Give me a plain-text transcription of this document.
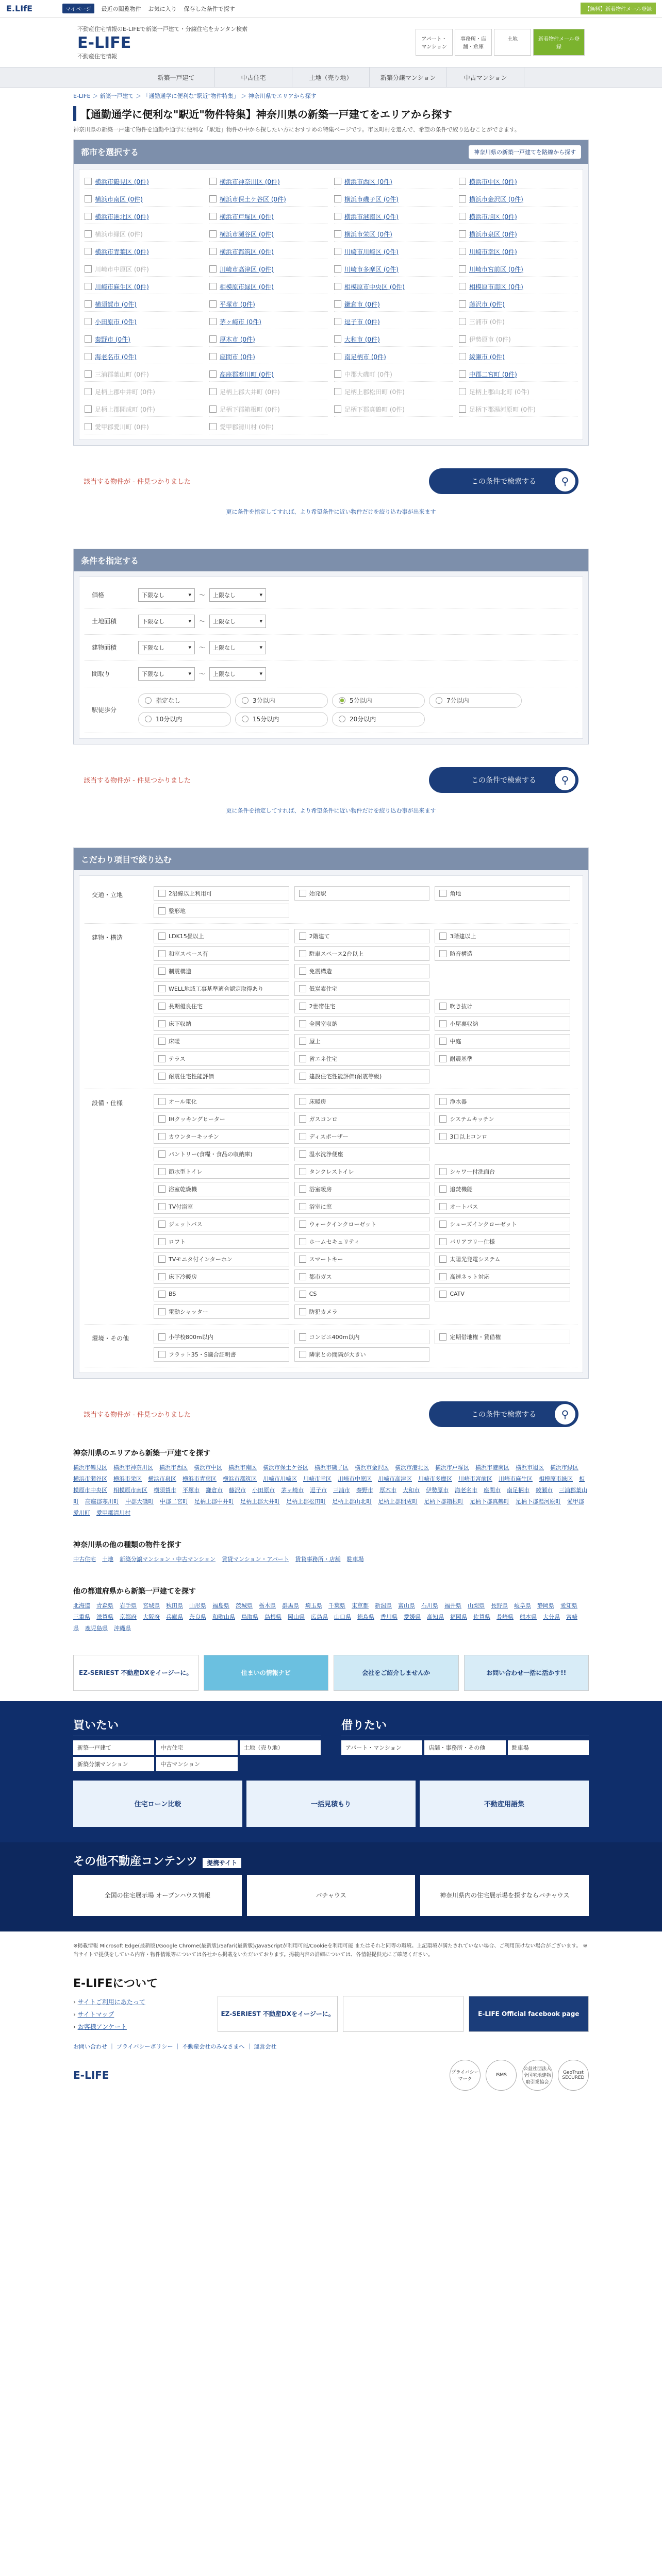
E.LIfE	マイページ	最近の閲覧物件 お気に入り 保存した条件で探す	【無料】新着物件メール登録
不動産住宅情報のE-LIFEで新築一戸建て・分譲住宅をカンタン検索
E-LIFE
不動産住宅情報
アパート・マンション
事務所・店舗・倉庫
土地	新着物件メール登録
新築一戸建て	中古住宅	土地（売り地）	新築分譲マンション	中古マンション
E-LIFE ＞ 新築一戸建て ＞ 「通勤通学に便利な"駅近"物件特集」 ＞ 神奈川県でエリアから探す
【通勤通学に便利な"駅近"物件特集】神奈川県の新築一戸建てをエリアから探す

神奈川県の新築一戸建て物件を通勤や通学に便利な「駅近」物件の中から探したい方におすすめの特集ページです。市区町村を選んで、希望の条件で絞り込むことができます。

都市を選択する	神奈川県の新築一戸建てを路線から探す
横浜市鶴見区 (0件)	横浜市神奈川区 (0件)	横浜市西区 (0件)	横浜市中区 (0件)
横浜市南区 (0件)	横浜市保土ケ谷区 (0件)	横浜市磯子区 (0件)	横浜市金沢区 (0件)
横浜市港北区 (0件)	横浜市戸塚区 (0件)	横浜市港南区 (0件)	横浜市旭区 (0件)
横浜市緑区 (0件)	横浜市瀬谷区 (0件)	横浜市栄区 (0件)	横浜市泉区 (0件)
横浜市青葉区 (0件)	横浜市都筑区 (0件)	川崎市川崎区 (0件)	川崎市幸区 (0件)
川崎市中原区 (0件)	川崎市高津区 (0件)	川崎市多摩区 (0件)	川崎市宮前区 (0件)
川崎市麻生区 (0件)	相模原市緑区 (0件)	相模原市中央区 (0件)	相模原市南区 (0件)
横須賀市 (0件)	平塚市 (0件)	鎌倉市 (0件)	藤沢市 (0件)
小田原市 (0件)	茅ヶ崎市 (0件)	逗子市 (0件)	三浦市 (0件)
秦野市 (0件)	厚木市 (0件)	大和市 (0件)	伊勢原市 (0件)
海老名市 (0件)	座間市 (0件)	南足柄市 (0件)	綾瀬市 (0件)
三浦郡葉山町 (0件)	高座郡寒川町 (0件)	中郡大磯町 (0件)	中郡二宮町 (0件)
足柄上郡中井町 (0件)	足柄上郡大井町 (0件)	足柄上郡松田町 (0件)	足柄上郡山北町 (0件)
足柄上郡開成町 (0件)	足柄下郡箱根町 (0件)	足柄下郡真鶴町 (0件)	足柄下郡湯河原町 (0件)
愛甲郡愛川町 (0件)	愛甲郡清川村 (0件)
該当する物件が - 件見つかりました	この条件で検索する	⚲

更に条件を指定してすれば、より希望条件に近い物件だけを絞り込む事が出来ます

条件を指定する
価格	下限なし	▾ 〜 上限なし	▾
土地面積	下限なし	▾ 〜 上限なし	▾
建物面積	下限なし	▾ 〜 上限なし	▾
間取り	下限なし	▾ 〜 上限なし	▾
駅徒歩分
指定なし	3分以内	5分以内	7分以内
10分以内	15分以内	20分以内
該当する物件が - 件見つかりました	この条件で検索する	⚲

更に条件を指定してすれば、より希望条件に近い物件だけを絞り込む事が出来ます

こだわり項目で絞り込む
交通・立地	2沿線以上利用可	始発駅	角地
整形地
建物・構造	LDK15畳以上	2階建て	3階建以上
和室スペース有	駐車スペース2台以上	防音構造
制震構造	免震構造
WELL地域工事基準適合認定取得あり	低炭素住宅
長期優良住宅	2世帯住宅	吹き抜け
床下収納	全居室収納	小屋裏収納
床暖	屋上	中庭
テラス	省エネ住宅	耐震基準
耐震住宅性能評価	建設住宅性能評価(耐震等級)
設備・仕様	オール電化	床暖房	浄水器
IHクッキングヒーター	ガスコンロ	システムキッチン
カウンターキッチン	ディスポーザー	3口以上コンロ
パントリー(食糧・食品の収納庫)	温水洗浄便座
節水型トイレ	タンクレストイレ	シャワー付洗面台
浴室乾燥機	浴室暖房	追焚機能
TV付浴室	浴室に窓	オートバス
ジェットバス	ウォークインクローゼット	シューズインクローゼット
ロフト	ホームセキュリティ	バリアフリー仕様
TVモニタ付インターホン	スマートキー	太陽光発電システム
床下冷暖房	都市ガス	高速ネット対応
BS	CS	CATV
電動シャッター	防犯カメラ
環境・その他	小学校800m以内	コンビニ400m以内	定期借地権・賃借権
フラット35・S適合証明書	隣家との間隔が大きい
該当する物件が - 件見つかりました	この条件で検索する	⚲
神奈川県のエリアから新築一戸建てを探す
横浜市鶴見区 横浜市神奈川区 横浜市西区 横浜市中区 横浜市南区 横浜市保土ケ谷区 横浜市磯子区 横浜市金沢区 横浜市港北区 横浜市戸塚区 横浜市港南区 横浜市旭区 横浜市緑区横浜市瀬谷区 横浜市栄区 横浜市泉区 横浜市青葉区 横浜市都筑区 川崎市川崎区 川崎市幸区 川崎市中原区 川崎市高津区 川崎市多摩区 川崎市宮前区 川崎市麻生区 相模原市緑区 相模原市中央区 相模原市南区 横須賀市 平塚市 鎌倉市 藤沢市 小田原市 茅ヶ崎市 逗子市 三浦市 秦野市 厚木市 大和市 伊勢原市 海老名市 座間市 南足柄市 綾瀬市 三浦郡葉山町 高座郡寒川町 中郡大磯町 中郡二宮町 足柄上郡中井町 足柄上郡大井町 足柄上郡松田町 足柄上郡山北町 足柄上郡開成町 足柄下郡箱根町 足柄下郡真鶴町 足柄下郡湯河原町 愛甲郡愛川町 愛甲郡清川村
神奈川県の他の種類の物件を探す
中古住宅 土地 新築分譲マンション・中古マンション 賃貸マンション・アパート 賃貸事務所・店舗 駐車場
他の都道府県から新築一戸建てを探す
北海道 青森県 岩手県 宮城県 秋田県 山形県 福島県 茨城県 栃木県 群馬県 埼玉県 千葉県 東京都 新潟県 富山県 石川県 福井県 山梨県 長野県 岐阜県 静岡県 愛知県三重県 滋賀県 京都府 大阪府 兵庫県 奈良県 和歌山県 鳥取県 島根県 岡山県 広島県 山口県 徳島県 香川県 愛媛県 高知県 福岡県 佐賀県 長崎県 熊本県 大分県 宮崎県 鹿児島県 沖縄県
EZ-SERIEST 不動産DXをイージーに。	住まいの情報ナビ	会社をご紹介しませんか	お問い合わせ一括に活かす!!
買いたい
新築一戸建て	中古住宅	土地（売り地）
新築分譲マンション	中古マンション
借りたい
アパート・マンション	店舗・事務所・その他	駐車場
住宅ローン比較	一括見積もり	不動産用語集
その他不動産コンテンツ 提携サイト
全国の住宅展示場 オープンハウス情報	パチャウス	神奈川県内の住宅展示場を探すならパチャウス
※掲載情報 Microsoft Edge(最新版)/Google Chrome(最新版)/Safari(最新版)/JavaScriptが利用可能/Cookieを利用可能 またはそれと同等の環境。上記環境が満たされていない場合、ご利用頂けない場合がございます。 ※当サイトで提供をしている内容・物件情報等については各社から掲載をいただいております。掲載内容の詳細については、各情報提供元にご確認ください。
E-LIFEについて
› サイトご利用にあたって
› サイトマップ
› お客様アンケート
EZ-SERIEST 不動産DXをイージーに。	E-LIFE Official facebook page
お問い合わせ ｜ プライバシーポリシー ｜ 不動産会社のみなさまへ ｜ 運営会社
E-LIFE	プライバシーマーク
ISMS
公益社団法人全国宅地建物取引業協会
GeoTrust SECURED
